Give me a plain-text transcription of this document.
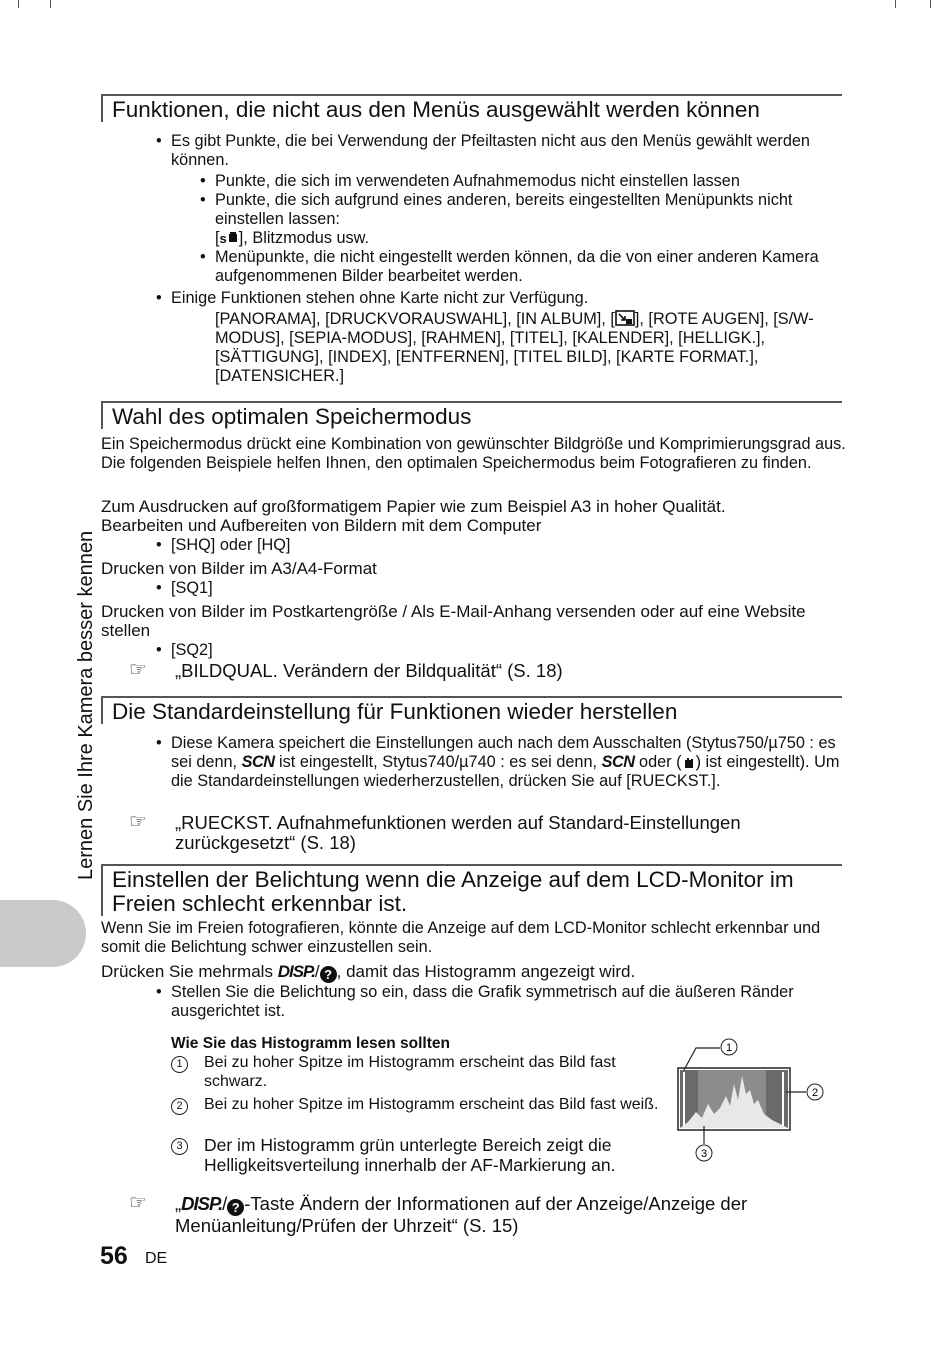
Lernen Sie Ihre Kamera besser kennen
Funktionen, die nicht aus den Menüs ausgewählt werden können
• Es gibt Punkte, die bei Verwendung der Pfeiltasten nicht aus den Menüs gewählt werden können.
• Punkte, die sich im verwendeten Aufnahmemodus nicht einstellen lassen
• Punkte, die sich aufgrund eines anderen, bereits eingestellten Menüpunkts nicht einstellen lassen:
[s ], Blitzmodus usw.
• Menüpunkte, die nicht eingestellt werden können, da die von einer anderen Kamera aufgenommenen Bilder bearbeitet werden.
• Einige Funktionen stehen ohne Karte nicht zur Verfügung.
[PANORAMA], [DRUCKVORAUSWAHL], [IN ALBUM], [ ], [ROTE AUGEN], [S/W-MODUS], [SEPIA-MODUS], [RAHMEN], [TITEL], [KALENDER], [HELLIGK.], [SÄTTIGUNG], [INDEX], [ENTFERNEN], [TITEL BILD], [KARTE FORMAT.], [DATENSICHER.]
Wahl des optimalen Speichermodus
Ein Speichermodus drückt eine Kombination von gewünschter Bildgröße und Komprimierungsgrad aus. Die folgenden Beispiele helfen Ihnen, den optimalen Speichermodus beim Fotografieren zu finden.
Zum Ausdrucken auf großformatigem Papier wie zum Beispiel A3 in hoher Qualität.
Bearbeiten und Aufbereiten von Bildern mit dem Computer
• [SHQ] oder [HQ]
Drucken von Bilder im A3/A4-Format
• [SQ1]
Drucken von Bilder im Postkartengröße / Als E-Mail-Anhang versenden oder auf eine Website stellen
• [SQ2]
☞ „BILDQUAL. Verändern der Bildqualität“ (S. 18)
Die Standardeinstellung für Funktionen wieder herstellen
• Diese Kamera speichert die Einstellungen auch nach dem Ausschalten (Stytus750/µ750 : es sei denn, SCN ist eingestellt, Stytus740/µ740 : es sei denn, SCN oder ( ) ist eingestellt). Um die Standardeinstellungen wiederherzustellen, drücken Sie auf [RUECKST.].
☞ „RUECKST. Aufnahmefunktionen werden auf Standard-Einstellungen zurückgesetzt“ (S. 18)
Einstellen der Belichtung wenn die Anzeige auf dem LCD-Monitor im Freien schlecht erkennbar ist.
Wenn Sie im Freien fotografieren, könnte die Anzeige auf dem LCD-Monitor schlecht erkennbar und somit die Belichtung schwer einzustellen sein.
Drücken Sie mehrmals DISP./ ? , damit das Histogramm angezeigt wird.
• Stellen Sie die Belichtung so ein, dass die Grafik symmetrisch auf die äußeren Ränder ausgerichtet ist.
Wie Sie das Histogramm lesen sollten
1	Bei zu hoher Spitze im Histogramm erscheint das Bild fast schwarz.
2	Bei zu hoher Spitze im Histogramm erscheint das Bild fast weiß.
3	Der im Histogramm grün unterlegte Bereich zeigt die Helligkeitsverteilung innerhalb der AF-Markierung an.
1
2
3
☞ „DISP./ ? -Taste Ändern der Informationen auf der Anzeige/Anzeige der Menüanleitung/Prüfen der Uhrzeit“ (S. 15)
56 DE
